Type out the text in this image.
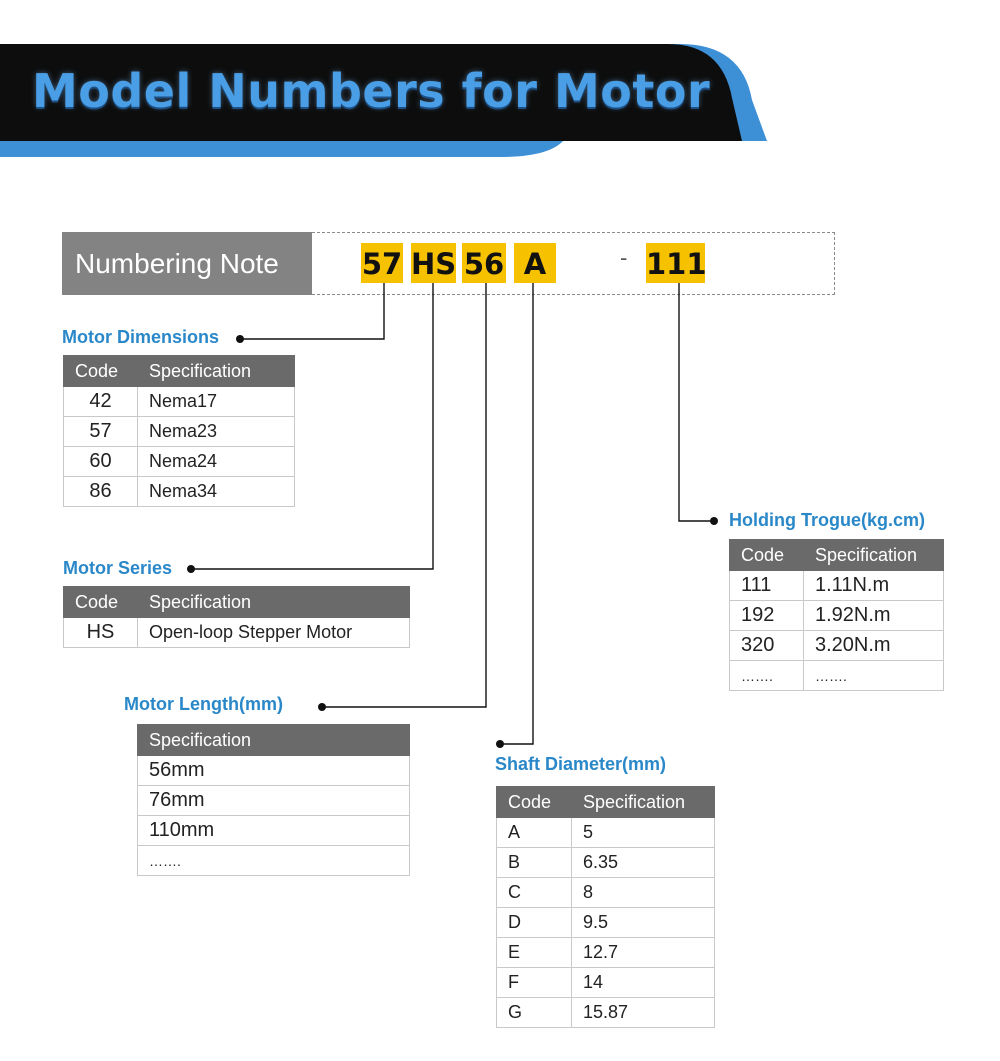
Model Numbers for Motor
Numbering Note	57 HS 56 A	- 111
Motor Dimensions
Code	Specification
42	Nema17
57	Nema23
60	Nema24
86	Nema34
Motor Series
Code	Specification
HS	Open-loop Stepper Motor
Motor Length(mm)
Specification
56mm
76mm
110mm
…….
Shaft Diameter(mm)
Code	Specification
A	5
B	6.35
C	8
D	9.5
E	12.7
F	14
G	15.87
Holding Trogue(kg.cm)
Code	Specification
111	1.11N.m
192	1.92N.m
320	3.20N.m
…….	…….
